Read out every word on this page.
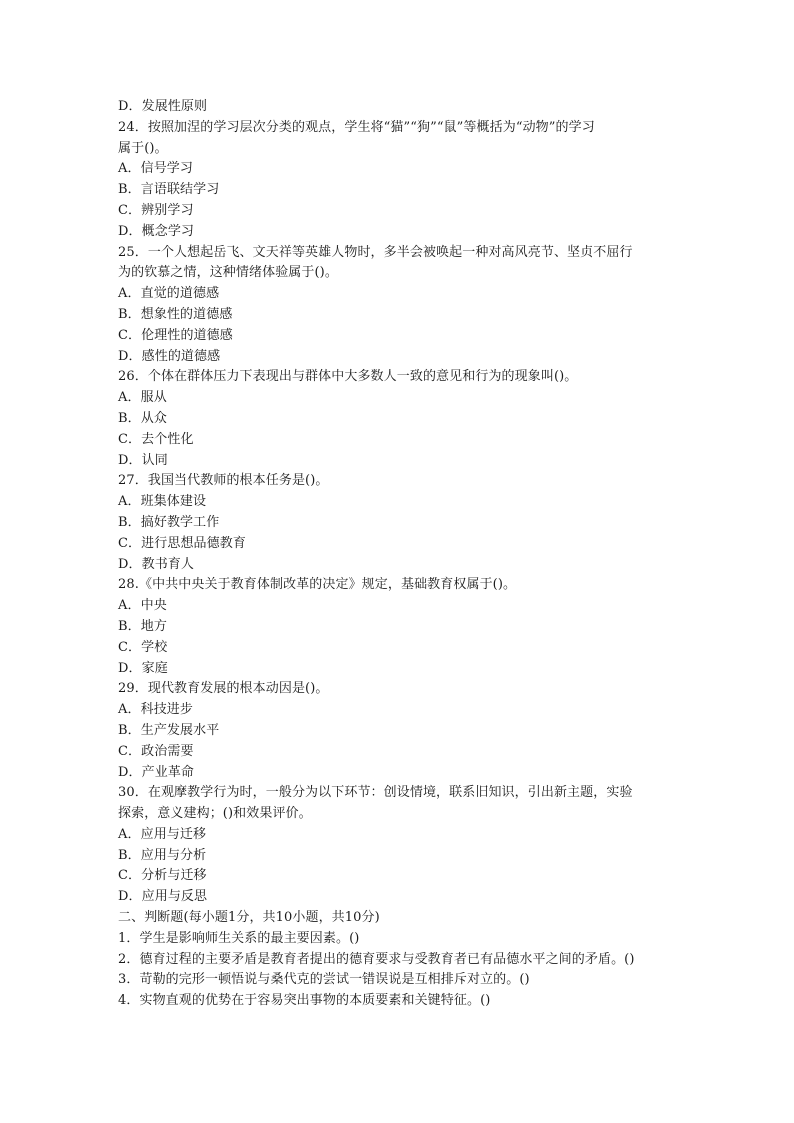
D．发展性原则
24．按照加涅的学习层次分类的观点，学生将“猫”“狗”“鼠”等概括为“动物”的学习
属于()。
A．信号学习
B．言语联结学习
C．辨别学习
D．概念学习
25．一个人想起岳飞、文天祥等英雄人物时，多半会被唤起一种对高风亮节、坚贞不屈行
为的钦慕之情，这种情绪体验属于()。
A．直觉的道德感
B．想象性的道德感
C．伦理性的道德感
D．感性的道德感
26．个体在群体压力下表现出与群体中大多数人一致的意见和行为的现象叫()。
A．服从
B．从众
C．去个性化
D．认同
27．我国当代教师的根本任务是()。
A．班集体建设
B．搞好教学工作
C．进行思想品德教育
D．教书育人
28.《中共中央关于教育体制改革的决定》规定，基础教育权属于()。
A．中央
B．地方
C．学校
D．家庭
29．现代教育发展的根本动因是()。
A．科技进步
B．生产发展水平
C．政治需要
D．产业革命
30．在观摩教学行为时，一般分为以下环节：创设情境，联系旧知识，引出新主题，实验
探索，意义建构；()和效果评价。
A．应用与迁移
B．应用与分析
C．分析与迁移
D．应用与反思
二、判断题(每小题1分，共10小题，共10分)
1．学生是影响师生关系的最主要因素。()
2．德育过程的主要矛盾是教育者提出的德育要求与受教育者已有品德水平之间的矛盾。()
3．苛勒的完形一顿悟说与桑代克的尝试一错误说是互相排斥对立的。()
4．实物直观的优势在于容易突出事物的本质要素和关键特征。()
